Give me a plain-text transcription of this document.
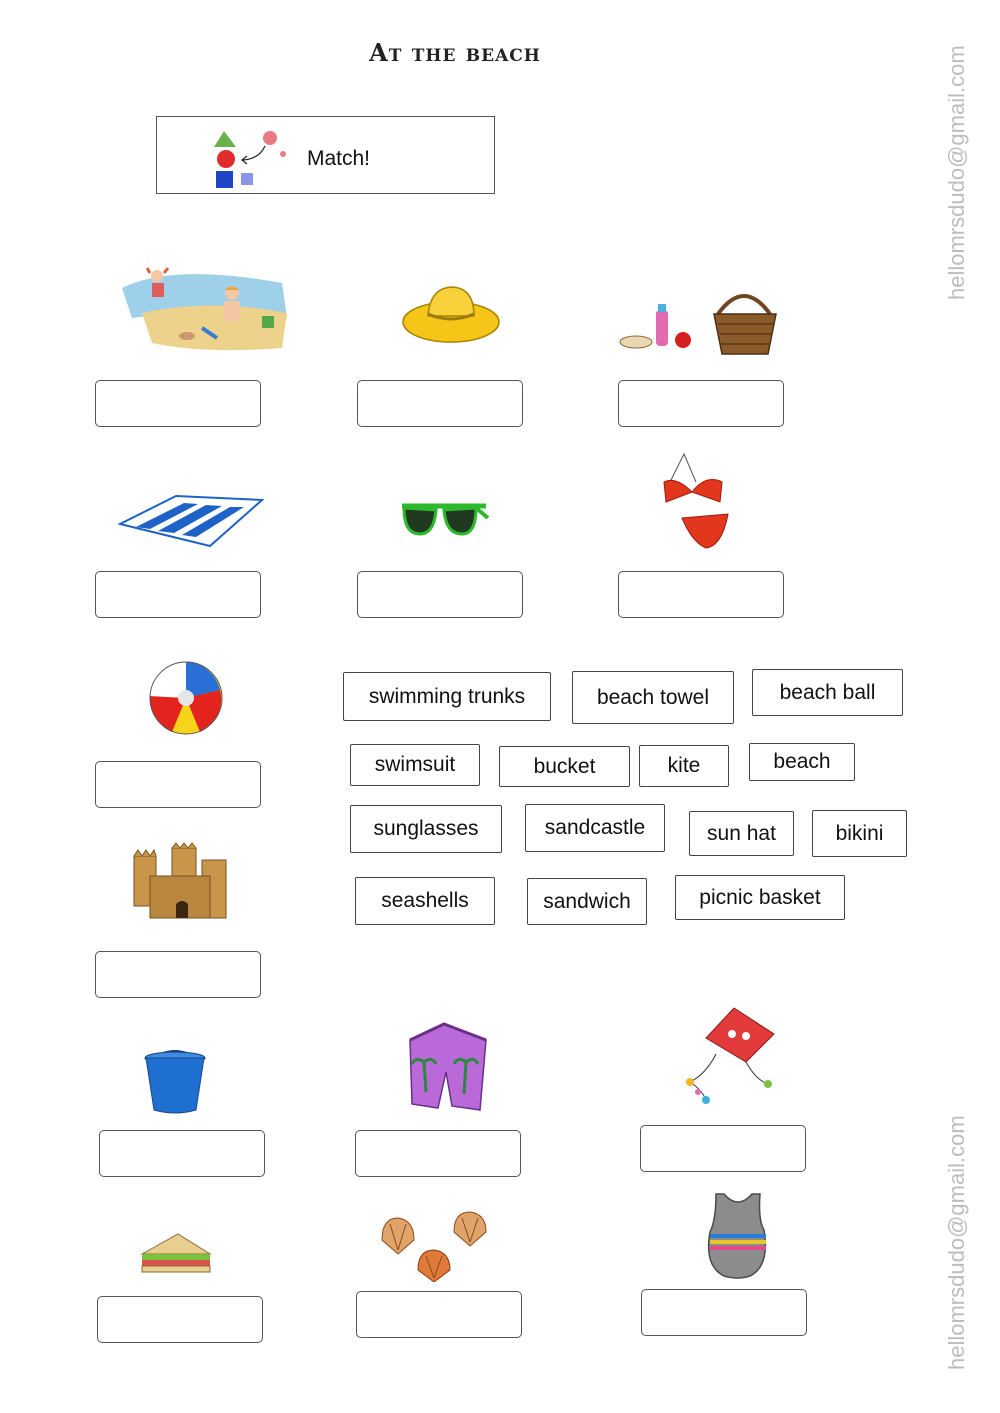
At the beach
Match!	hellomrsdudo@gmail.com
hellomrsdudo@gmail.com
swimming trunks	beach towel	beach ball
swimsuit	bucket	kite	beach
sunglasses	sandcastle	sun hat	bikini
seashells	sandwich	picnic basket
